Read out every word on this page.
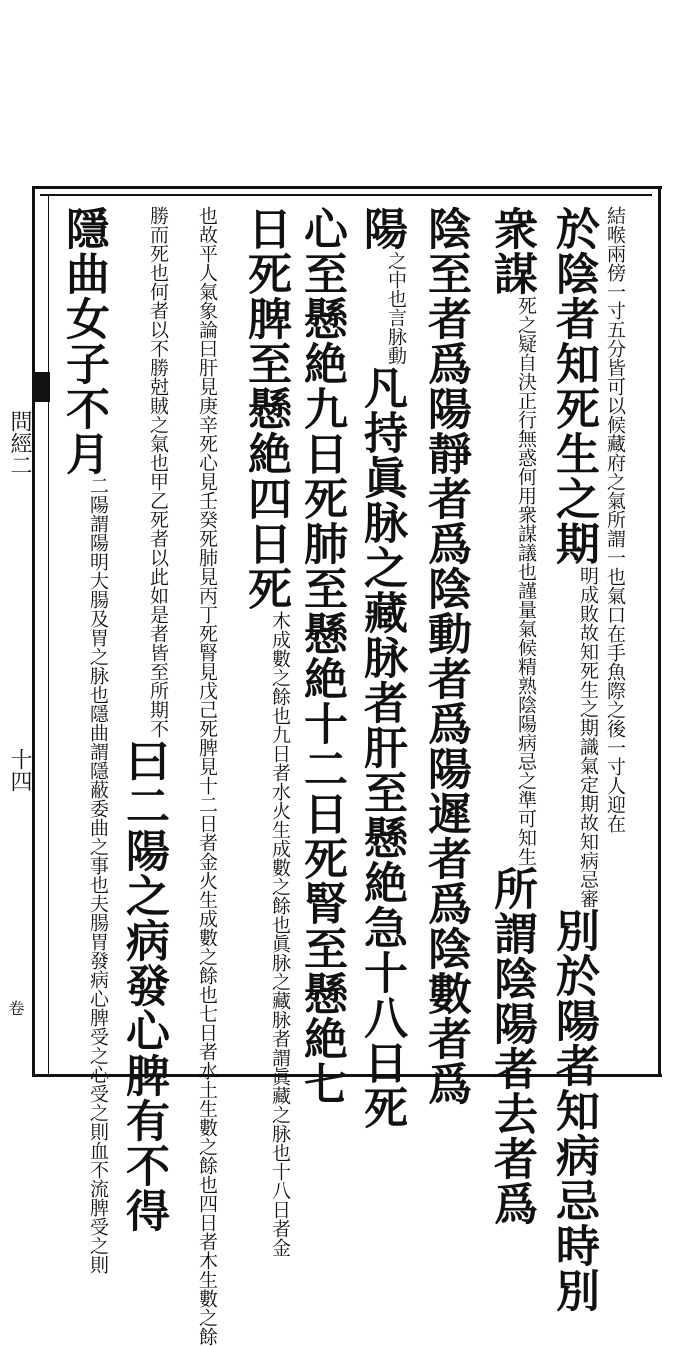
問經二
十四
卷
所謂一也氣口在手魚際之後一寸人迎在
結喉兩傍一寸五分皆可以候藏府之氣
於陰者知死生之期
識氣定期故知病忌審
明成敗故知死生之期
別於陽者知病忌時別
衆謀
謹量氣候精熟陰陽病忌之準可知生
死之疑自決正行無惑何用衆謀議也
所謂陰陽者去者爲
陰至者爲陽靜者爲陰動者爲陽遲者爲陰數者爲
陽
言脉動
之中也
凡持眞脉之藏脉者肝至懸絶急十八日死
心至懸絶九日死肺至懸絶十二日死腎至懸絶七
日死脾至懸絶四日死
眞脉之藏脉者謂眞藏之脉也十八日者金
木成數之餘也九日者水火生成數之餘也
十二日者金火生成數之餘也七日者水土生數之餘也四日者木生數之餘
也故平人氣象論曰肝見庚辛死心見壬癸死肺見丙丁死腎見戊己死脾見
甲乙死者以此如是者皆至所期不
勝而死也何者以不勝尅賊之氣也
曰二陽之病發心脾有不得
隱曲女子不月
也夫腸胃發病心脾受之心受之則血不流脾受之則
二陽謂陽明大腸及胃之脉也隱曲謂隱蔽委曲之事
